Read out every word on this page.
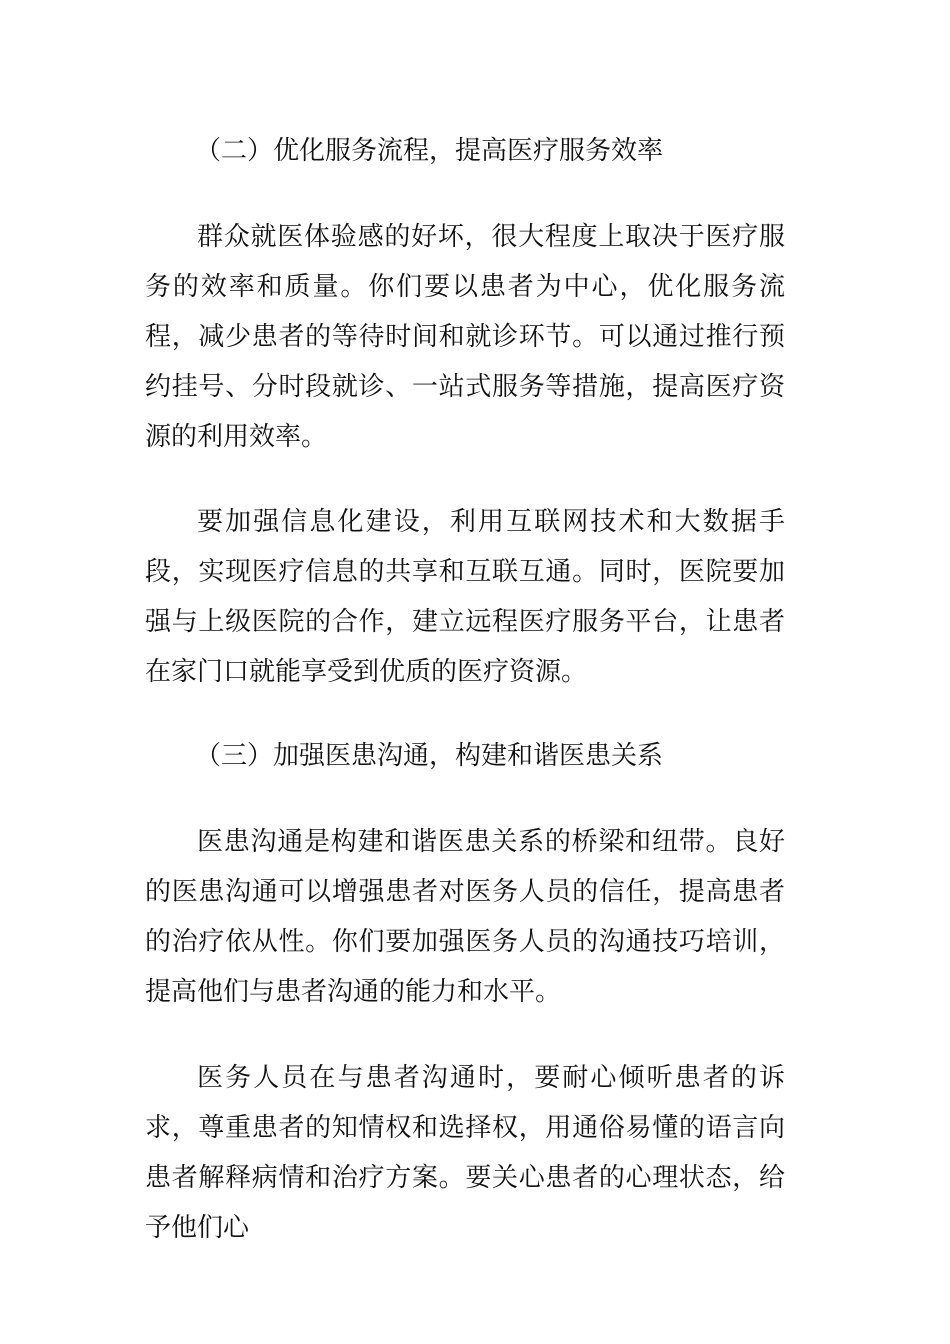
（二）优化服务流程，提高医疗服务效率
群众就医体验感的好坏，很大程度上取决于医疗服务的效率和质量。你们要以患者为中心，优化服务流程，减少患者的等待时间和就诊环节。可以通过推行预约挂号、分时段就诊、一站式服务等措施，提高医疗资源的利用效率。
要加强信息化建设，利用互联网技术和大数据手段，实现医疗信息的共享和互联互通。同时，医院要加强与上级医院的合作，建立远程医疗服务平台，让患者在家门口就能享受到优质的医疗资源。
（三）加强医患沟通，构建和谐医患关系
医患沟通是构建和谐医患关系的桥梁和纽带。良好的医患沟通可以增强患者对医务人员的信任，提高患者的治疗依从性。你们要加强医务人员的沟通技巧培训，提高他们与患者沟通的能力和水平。
医务人员在与患者沟通时，要耐心倾听患者的诉求，尊重患者的知情权和选择权，用通俗易懂的语言向患者解释病情和治疗方案。要关心患者的心理状态，给予他们心
